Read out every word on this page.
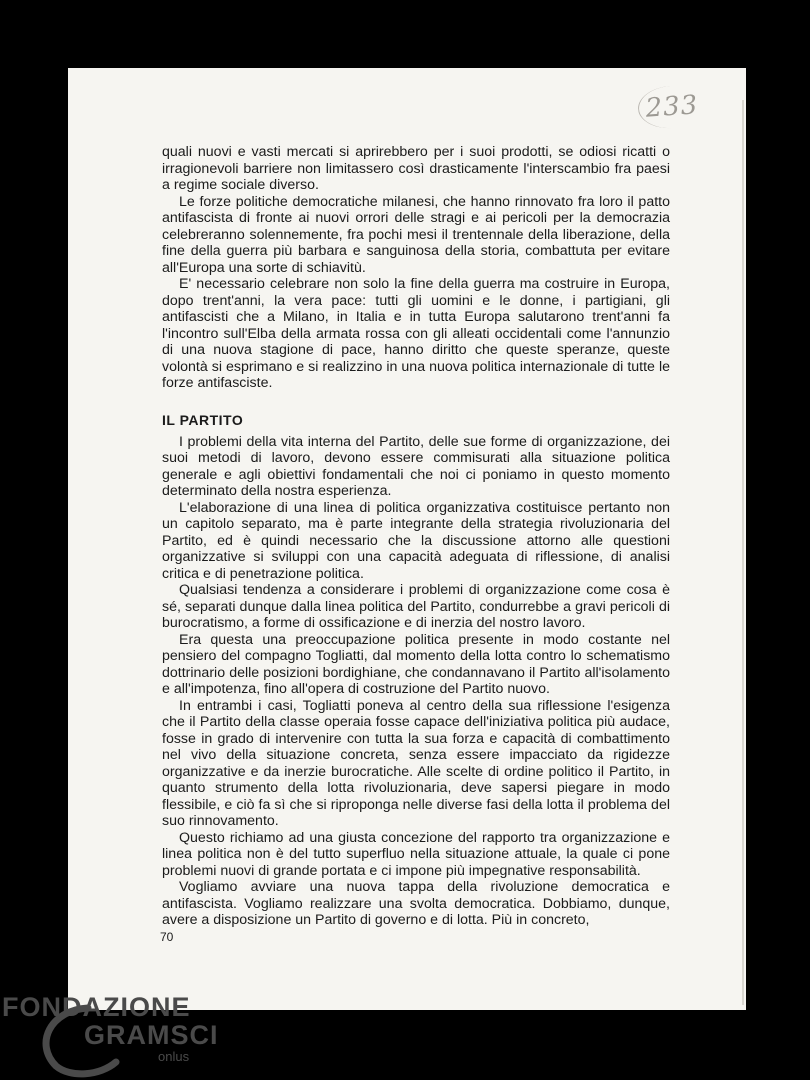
233

quali nuovi e vasti mercati si aprirebbero per i suoi prodotti, se odiosi ricatti o irragionevoli barriere non limitassero così drasticamente l'interscambio fra paesi a regime sociale diverso.

Le forze politiche democratiche milanesi, che hanno rinnovato fra loro il patto antifascista di fronte ai nuovi orrori delle stragi e ai pericoli per la democrazia celebreranno solennemente, fra pochi mesi il trentennale della liberazione, della fine della guerra più barbara e sanguinosa della storia, combattuta per evitare all'Europa una sorte di schiavitù.

E' necessario celebrare non solo la fine della guerra ma costruire in Europa, dopo trent'anni, la vera pace: tutti gli uomini e le donne, i partigiani, gli antifascisti che a Milano, in Italia e in tutta Europa salutarono trent'anni fa l'incontro sull'Elba della armata rossa con gli alleati occidentali come l'annunzio di una nuova stagione di pace, hanno diritto che queste speranze, queste volontà si esprimano e si realizzino in una nuova politica internazionale di tutte le forze antifasciste.

IL PARTITO

I problemi della vita interna del Partito, delle sue forme di organizzazione, dei suoi metodi di lavoro, devono essere commisurati alla situazione politica generale e agli obiettivi fondamentali che noi ci poniamo in questo momento determinato della nostra esperienza.

L'elaborazione di una linea di politica organizzativa costituisce pertanto non un capitolo separato, ma è parte integrante della strategia rivoluzionaria del Partito, ed è quindi necessario che la discussione attorno alle questioni organizzative si sviluppi con una capacità adeguata di riflessione, di analisi critica e di penetrazione politica.

Qualsiasi tendenza a considerare i problemi di organizzazione come cosa è sé, separati dunque dalla linea politica del Partito, condurrebbe a gravi pericoli di burocratismo, a forme di ossificazione e di inerzia del nostro lavoro.

Era questa una preoccupazione politica presente in modo costante nel pensiero del compagno Togliatti, dal momento della lotta contro lo schematismo dottrinario delle posizioni bordighiane, che condannavano il Partito all'isolamento e all'impotenza, fino all'opera di costruzione del Partito nuovo.

In entrambi i casi, Togliatti poneva al centro della sua riflessione l'esigenza che il Partito della classe operaia fosse capace dell'iniziativa politica più audace, fosse in grado di intervenire con tutta la sua forza e capacità di combattimento nel vivo della situazione concreta, senza essere impacciato da rigidezze organizzative e da inerzie burocratiche. Alle scelte di ordine politico il Partito, in quanto strumento della lotta rivoluzionaria, deve sapersi piegare in modo flessibile, e ciò fa sì che si riproponga nelle diverse fasi della lotta il problema del suo rinnovamento.

Questo richiamo ad una giusta concezione del rapporto tra organizzazione e linea politica non è del tutto superfluo nella situazione attuale, la quale ci pone problemi nuovi di grande portata e ci impone più impegnative responsabilità.

Vogliamo avviare una nuova tappa della rivoluzione democratica e antifascista. Vogliamo realizzare una svolta democratica. Dobbiamo, dunque, avere a disposizione un Partito di governo e di lotta. Più in concreto,

70
FONDAZIONE
GRAMSCI
onlus
